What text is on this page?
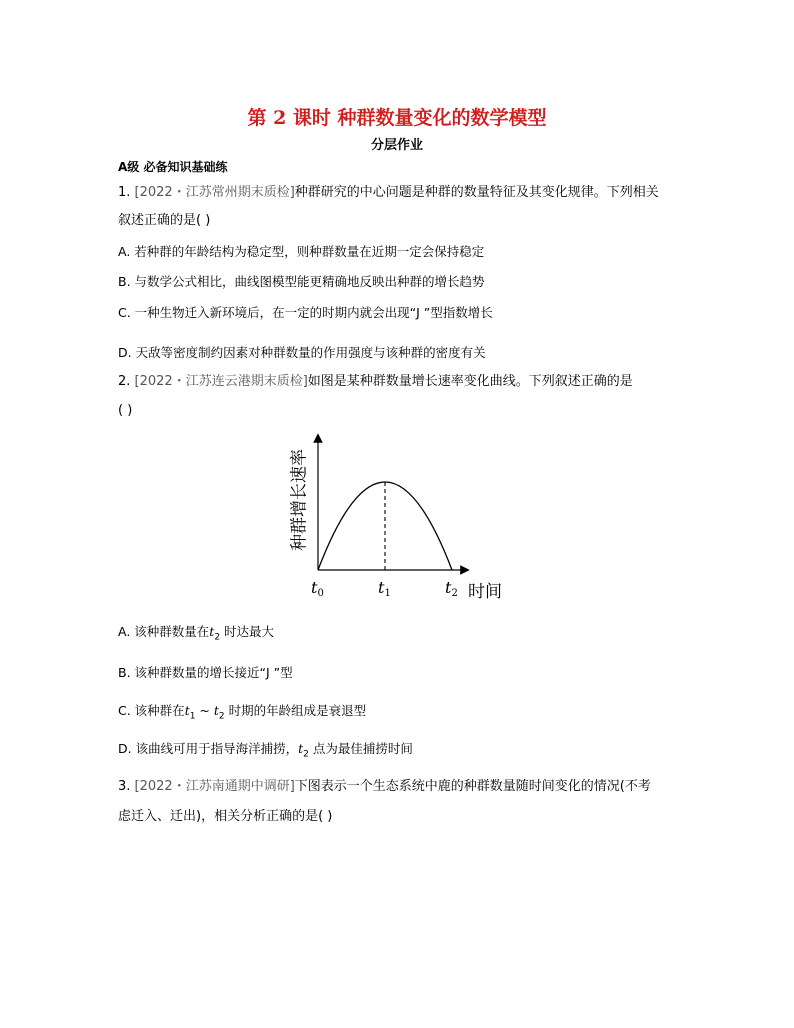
第 2 课时 种群数量变化的数学模型
分层作业
A级 必备知识基础练
1. [2022・江苏常州期末质检]种群研究的中心问题是种群的数量特征及其变化规律。下列相关
叙述正确的是( )
A. 若种群的年龄结构为稳定型，则种群数量在近期一定会保持稳定
B. 与数学公式相比，曲线图模型能更精确地反映出种群的增长趋势
C. 一种生物迁入新环境后，在一定的时期内就会出现“J ”型指数增长
D. 天敌等密度制约因素对种群数量的作用强度与该种群的密度有关
2. [2022・江苏连云港期末质检]如图是某种群数量增长速率变化曲线。下列叙述正确的是
( )
种群增长速率
时间
t0	t1	t2
A. 该种群数量在$t_2$ 时达最大
B. 该种群数量的增长接近“J ”型
C. 该种群在$t_1$ ~ $t_2$ 时期的年龄组成是衰退型
D. 该曲线可用于指导海洋捕捞，$t_2$ 点为最佳捕捞时间
3. [2022・江苏南通期中调研]下图表示一个生态系统中鹿的种群数量随时间变化的情况(不考
虑迁入、迁出)，相关分析正确的是( )
